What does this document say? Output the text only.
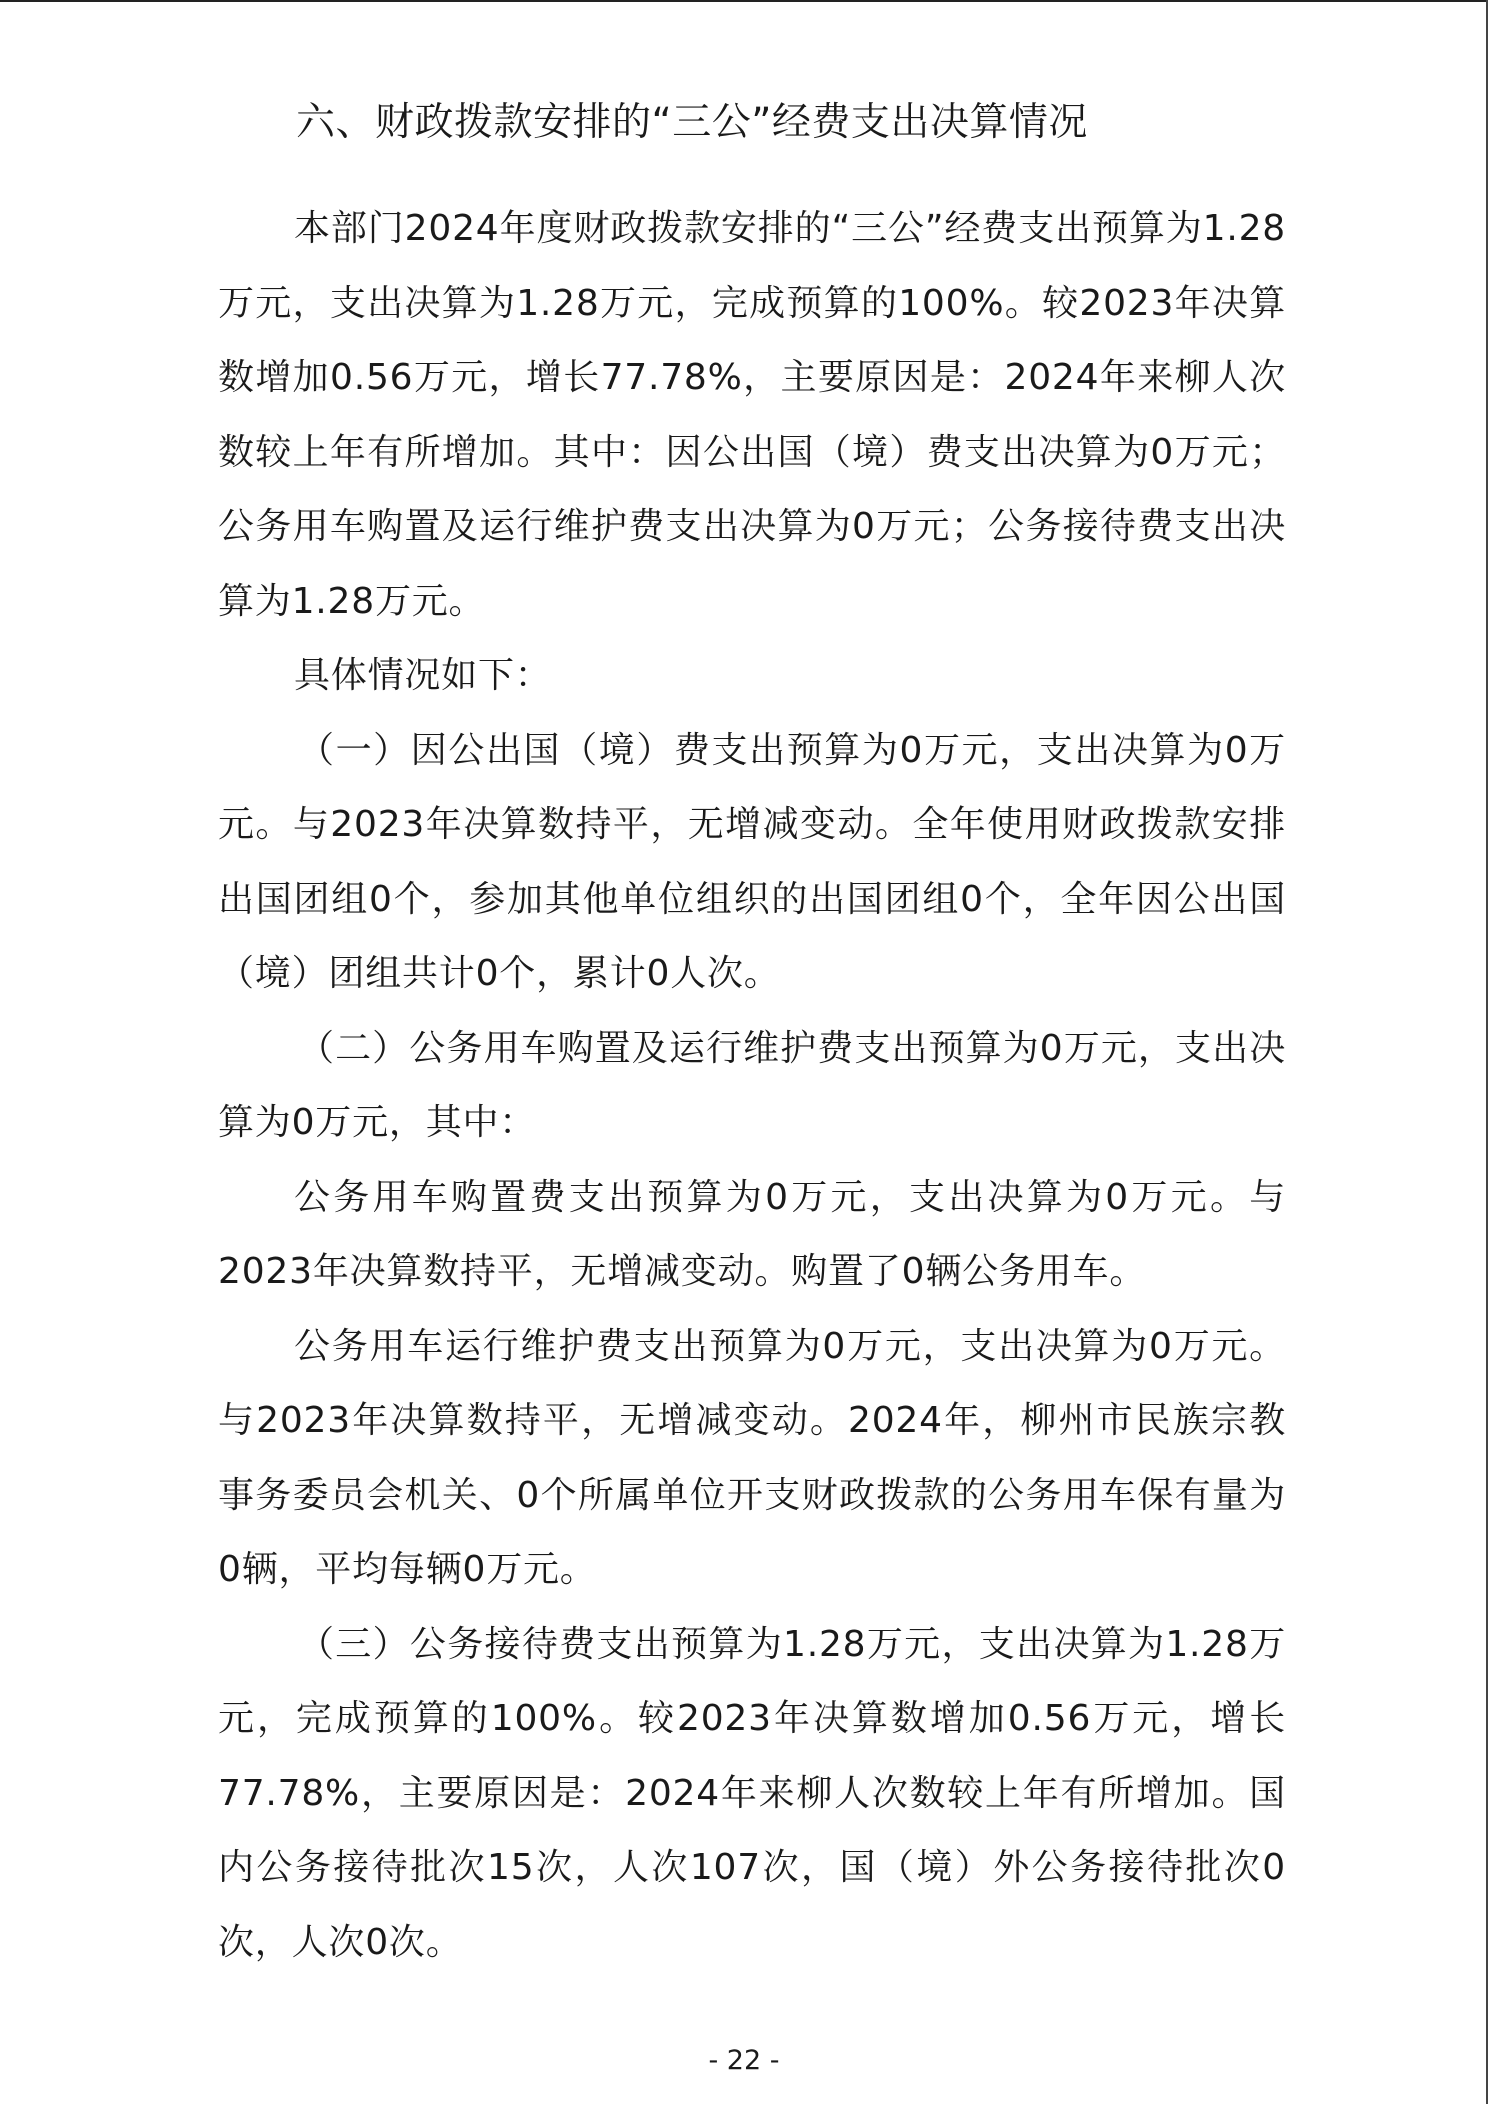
六、财政拨款安排的“三公”经费支出决算情况

本部门2024年度财政拨款安排的“三公”经费支出预算为1.28万元，支出决算为1.28万元，完成预算的100%。较2023年决算数增加0.56万元，增长77.78%，主要原因是：2024年来柳人次数较上年有所增加。其中：因公出国（境）费支出决算为0万元；公务用车购置及运行维护费支出决算为0万元；公务接待费支出决算为1.28万元。

具体情况如下：

（一）因公出国（境）费支出预算为0万元，支出决算为0万元。与2023年决算数持平，无增减变动。全年使用财政拨款安排出国团组0个，参加其他单位组织的出国团组0个，全年因公出国（境）团组共计0个，累计0人次。

（二）公务用车购置及运行维护费支出预算为0万元，支出决算为0万元，其中：

公务用车购置费支出预算为0万元，支出决算为0万元。与2023年决算数持平，无增减变动。购置了0辆公务用车。

公务用车运行维护费支出预算为0万元，支出决算为0万元。与2023年决算数持平，无增减变动。2024年，柳州市民族宗教事务委员会机关、0个所属单位开支财政拨款的公务用车保有量为0辆，平均每辆0万元。

（三）公务接待费支出预算为1.28万元，支出决算为1.28万元，完成预算的100%。较2023年决算数增加0.56万元，增长77.78%，主要原因是：2024年来柳人次数较上年有所增加。国内公务接待批次15次，人次107次，国（境）外公务接待批次0次，人次0次。

- 22 -
